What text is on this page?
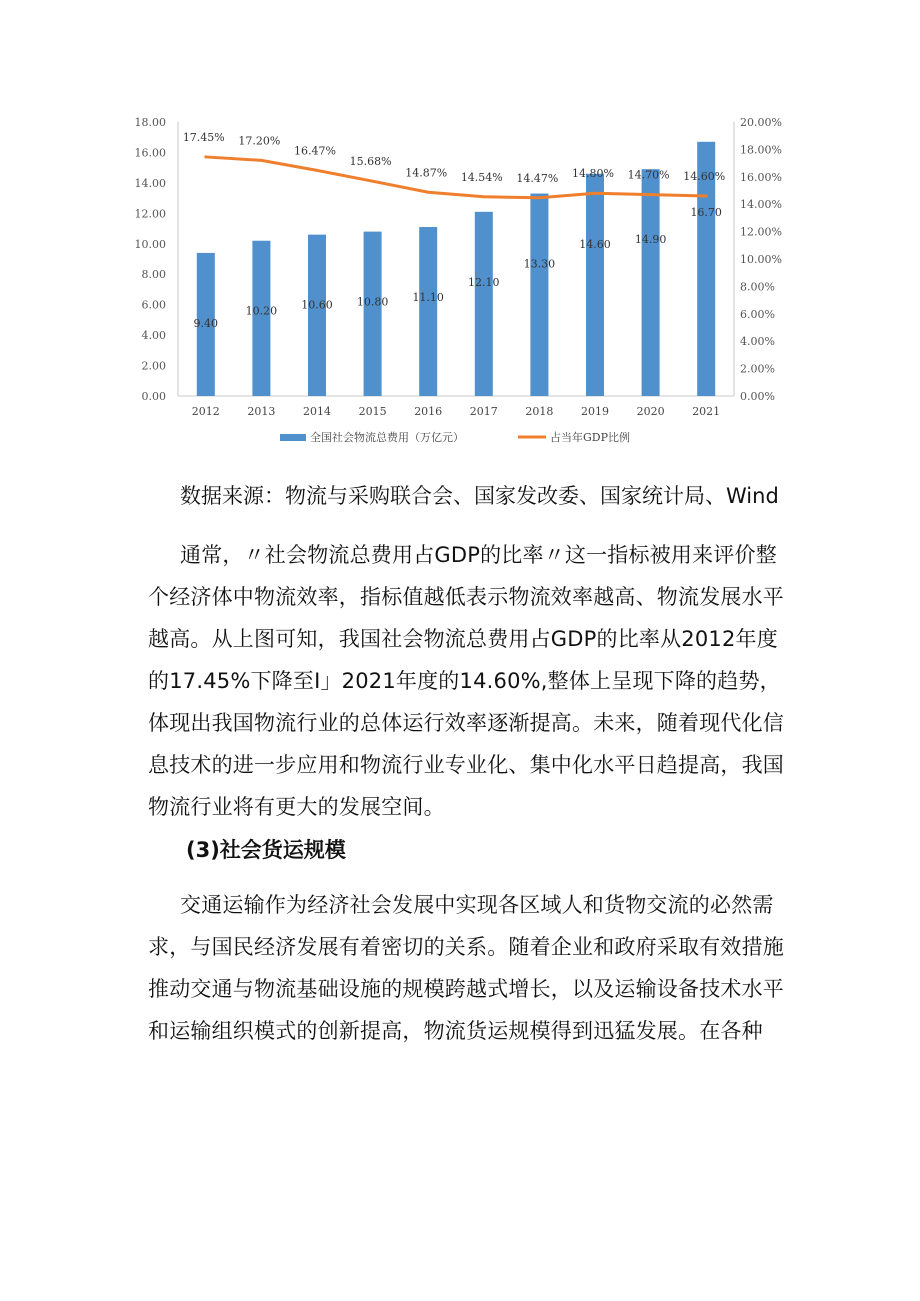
0.00
2.00
4.00
6.00
8.00
10.00
12.00
14.00
16.00
18.00
0.00%
2.00%
4.00%
6.00%
8.00%
10.00%
12.00%
14.00%
16.00%
18.00%
20.00%
2012	2013	2014	2015	2016	2017	2018	2019	2020	2021
9.40
10.20 10.60 10.80 11.10
12.10
13.30
14.60 14.90
16.70
17.45% 17.20%
16.47%
15.68%
14.87% 14.54% 14.47% 14.80% 14.70% 14.60%
全国社会物流总费用（万亿元）	占当年GDP比例

数据来源：物流与采购联合会、国家发改委、国家统计局、Wind

通常，〃社会物流总费用占GDP的比率〃这一指标被用来评价整个经济体中物流效率，指标值越低表示物流效率越高、物流发展水平越高。从上图可知，我国社会物流总费用占GDP的比率从2012年度的17.45%下降至I」2021年度的14.60%,整体上呈现下降的趋势，体现出我国物流行业的总体运行效率逐渐提高。未来，随着现代化信息技术的进一步应用和物流行业专业化、集中化水平日趋提高，我国物流行业将有更大的发展空间。

(3)社会货运规模

交通运输作为经济社会发展中实现各区域人和货物交流的必然需求，与国民经济发展有着密切的关系。随着企业和政府采取有效措施推动交通与物流基础设施的规模跨越式增长，以及运输设备技术水平和运输组织模式的创新提高，物流货运规模得到迅猛发展。在各种
